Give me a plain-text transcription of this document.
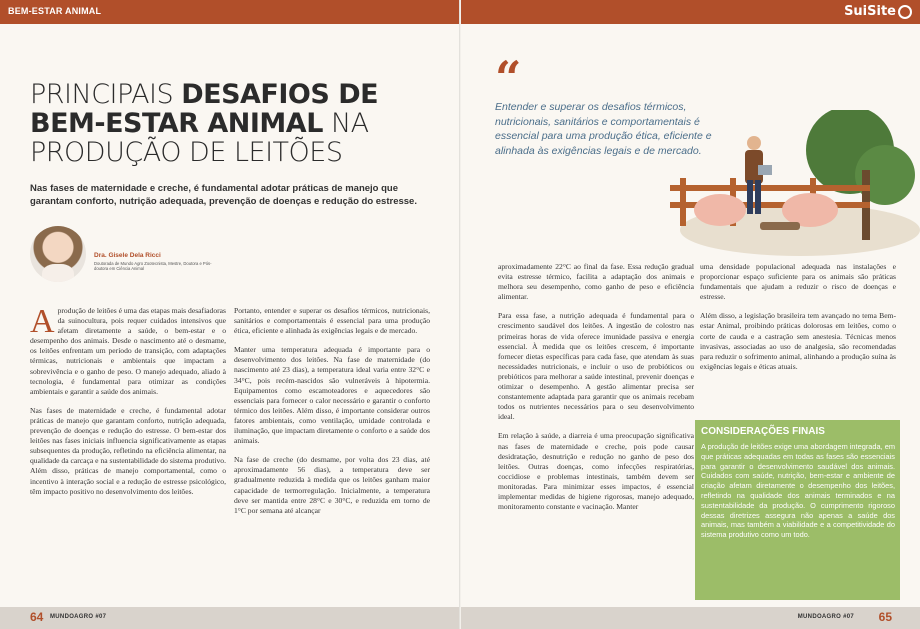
BEM-ESTAR ANIMAL	SuiSite
PRINCIPAIS DESAFIOS DE
BEM-ESTAR ANIMAL NA
PRODUÇÃO DE LEITÕES

Nas fases de maternidade e creche, é fundamental adotar práticas de manejo que garantam conforto, nutrição adequada, prevenção de doenças e redução do estresse.

Dra. Gisele Dela Ricci
Doutorada de Mundo Agro Zootecnista, Mestre, Doutora e Pós-doutora em Ciência Animal

Aprodução de leitões é uma das etapas mais desafiadoras da suinocultura, pois requer cuidados intensivos que afetam diretamente a saúde, o bem-estar e o desempenho dos animais. Desde o nascimento até o desmame, os leitões enfrentam um período de transição, com adaptações térmicas, nutricionais e ambientais que impactam a sobrevivência e o ganho de peso. O manejo adequado, aliado à tecnologia, é fundamental para otimizar as condições ambientais e garantir a saúde dos animais.

Nas fases de maternidade e creche, é fundamental adotar práticas de manejo que garantam conforto, nutrição adequada, prevenção de doenças e redução do estresse. O bem-estar dos leitões nas fases iniciais influencia significativamente as etapas subsequentes da produção, refletindo na eficiência alimentar, na qualidade da carcaça e na sustentabilidade do sistema produtivo. Além disso, práticas de manejo comportamental, como o incentivo à interação social e a redução de estresse psicológico, têm impacto positivo no desenvolvimento dos leitões.

Portanto, entender e superar os desafios térmicos, nutricionais, sanitários e comportamentais é essencial para uma produção ética, eficiente e alinhada às exigências legais e de mercado.

Manter uma temperatura adequada é importante para o desenvolvimento dos leitões. Na fase de maternidade (do nascimento até 23 dias), a temperatura ideal varia entre 32°C e 34°C, pois recém-nascidos são vulneráveis à hipotermia. Equipamentos como escamoteadores e aquecedores são essenciais para fornecer o calor necessário e garantir o conforto térmico dos leitões. Além disso, é importante considerar outros fatores ambientais, como ventilação, umidade controlada e iluminação, que impactam diretamente o conforto e a saúde dos animais.

Na fase de creche (do desmame, por volta dos 23 dias, até aproximadamente 56 dias), a temperatura deve ser gradualmente reduzida à medida que os leitões ganham maior capacidade de termorregulação. Inicialmente, a temperatura deve ser mantida entre 28°C e 30°C, e reduzida em torno de 1°C por semana até alcançar

“

Entender e superar os desafios térmicos, nutricionais, sanitários e comportamentais é essencial para uma produção ética, eficiente e alinhada às exigências legais e de mercado.

aproximadamente 22°C ao final da fase. Essa redução gradual evita estresse térmico, facilita a adaptação dos animais e melhora seu desempenho, como ganho de peso e eficiência alimentar.

Para essa fase, a nutrição adequada é fundamental para o crescimento saudável dos leitões. A ingestão de colostro nas primeiras horas de vida oferece imunidade passiva e energia essencial. À medida que os leitões crescem, é importante fornecer dietas específicas para cada fase, que atendam às suas necessidades nutricionais, e incluir o uso de probióticos ou prebióticos para melhorar a saúde intestinal, prevenir doenças e otimizar o desempenho. A gestão alimentar precisa ser constantemente adaptada para garantir que os animais recebam todos os nutrientes necessários para o seu desenvolvimento ideal.

Em relação à saúde, a diarreia é uma preocupação significativa nas fases de maternidade e creche, pois pode causar desidratação, desnutrição e redução no ganho de peso dos leitões. Outras doenças, como infecções respiratórias, coccidiose e problemas intestinais, também devem ser monitoradas. Para minimizar esses impactos, é essencial implementar medidas de higiene rigorosas, manejo adequado, monitoramento constante e vacinação. Manter

uma densidade populacional adequada nas instalações e proporcionar espaço suficiente para os animais são práticas fundamentais que ajudam a reduzir o risco de doenças e estresse.

Além disso, a legislação brasileira tem avançado no tema Bem-estar Animal, proibindo práticas dolorosas em leitões, como o corte de cauda e a castração sem anestesia. Técnicas menos invasivas, associadas ao uso de analgesia, são recomendadas para reduzir o sofrimento animal, alinhando a produção suína às exigências legais e éticas atuais.

CONSIDERAÇÕES FINAIS

A produção de leitões exige uma abordagem integrada, em que práticas adequadas em todas as fases são essenciais para garantir o desenvolvimento saudável dos animais. Cuidados com saúde, nutrição, bem-estar e ambiente de criação afetam diretamente o desempenho dos leitões, refletindo na qualidade dos animais terminados e na sustentabilidade da produção. O cumprimento rigoroso dessas diretrizes assegura não apenas a saúde dos animais, mas também a viabilidade e a competitividade do sistema produtivo como um todo.

64 MUNDOAGRO #07	MUNDOAGRO #07 65
